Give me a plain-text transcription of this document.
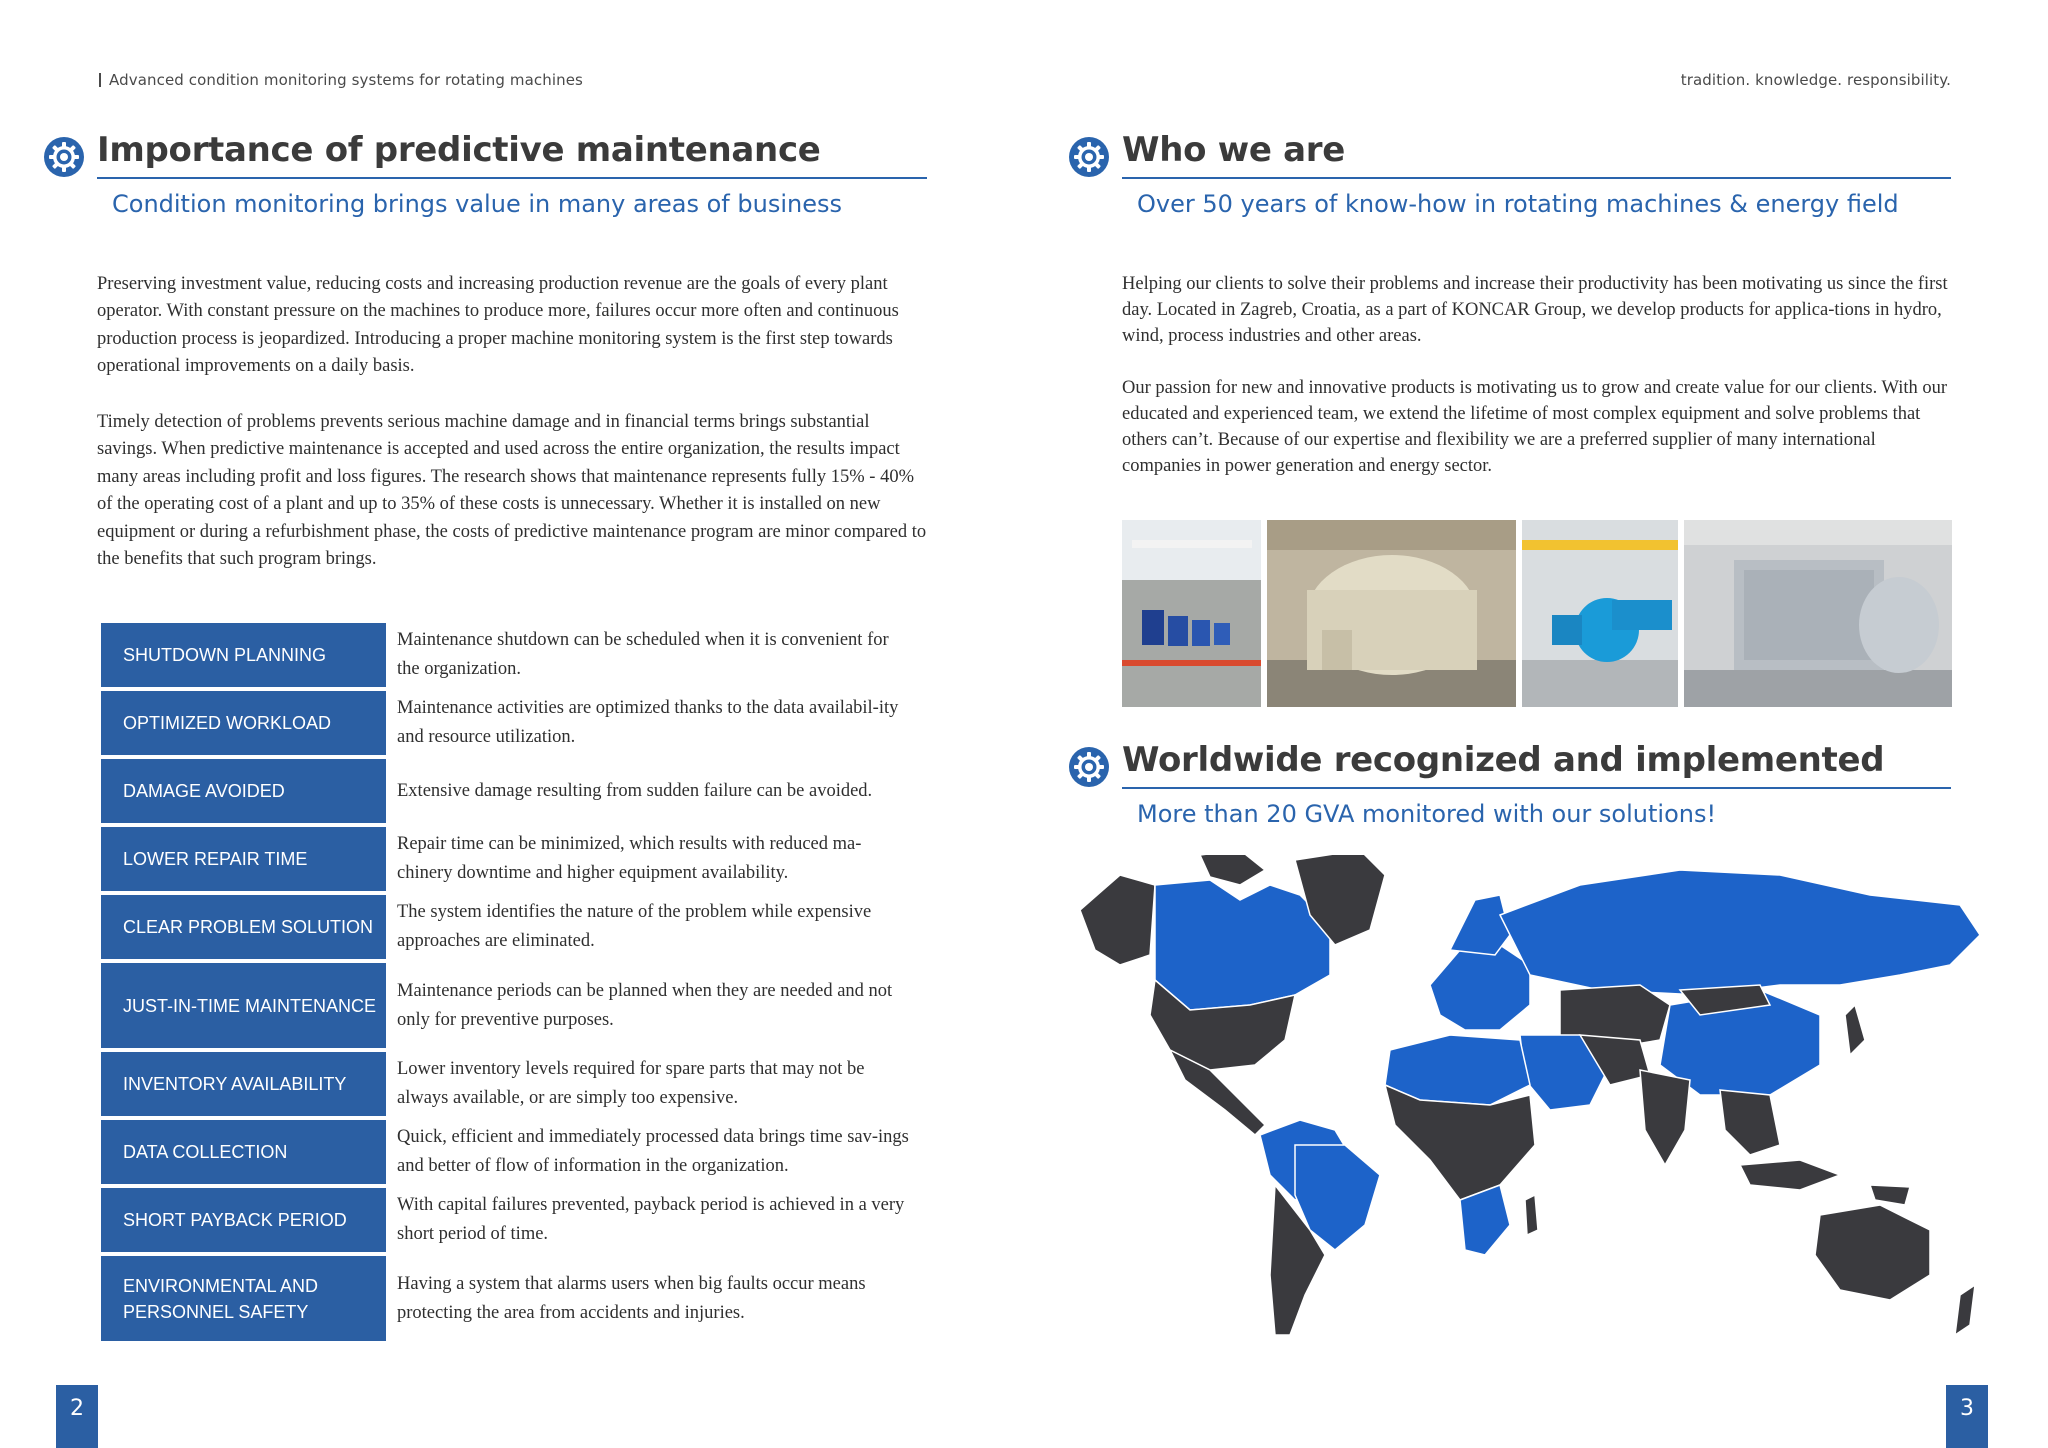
Advanced condition monitoring systems for rotating machines	tradition. knowledge. responsibility.
Importance of predictive maintenance
Condition monitoring brings value in many areas of business

Preserving investment value, reducing costs and increasing production revenue are the goals of every plant operator. With constant pressure on the machines to produce more, failures occur more often and continuous production process is jeopardized. Introducing a proper machine monitoring system is the first step towards operational improvements on a daily basis.

Timely detection of problems prevents serious machine damage and in financial terms brings substantial savings. When predictive maintenance is accepted and used across the entire organization, the results impact many areas including profit and loss figures. The research shows that maintenance represents fully 15% - 40% of the operating cost of a plant and up to 35% of these costs is unnecessary. Whether it is installed on new equipment or during a refurbishment phase, the costs of predictive maintenance program are minor compared to the benefits that such program brings.

SHUTDOWN PLANNING
Maintenance shutdown can be scheduled when it is convenient for the organization.
OPTIMIZED WORKLOAD
Maintenance activities are optimized thanks to the data availabil-ity and resource utilization.
DAMAGE AVOIDED	Extensive damage resulting from sudden failure can be avoided.
LOWER REPAIR TIME
Repair time can be minimized, which results with reduced ma-chinery downtime and higher equipment availability.
CLEAR PROBLEM SOLUTION
The system identifies the nature of the problem while expensive approaches are eliminated.
JUST-IN-TIME MAINTENANCE
Maintenance periods can be planned when they are needed and not only for preventive purposes.
INVENTORY AVAILABILITY
Lower inventory levels required for spare parts that may not be always available, or are simply too expensive.
DATA COLLECTION
Quick, efficient and immediately processed data brings time sav-ings and better of flow of information in the organization.
SHORT PAYBACK PERIOD
With capital failures prevented, payback period is achieved in a very short period of time.
ENVIRONMENTAL AND PERSONNEL SAFETY
Having a system that alarms users when big faults occur means protecting the area from accidents and injuries.
2
Who we are
Over 50 years of know-how in rotating machines & energy field

Helping our clients to solve their problems and increase their productivity has been motivating us since the first day. Located in Zagreb, Croatia, as a part of KONCAR Group, we develop products for applica-tions in hydro, wind, process industries and other areas.

Our passion for new and innovative products is motivating us to grow and create value for our clients. With our educated and experienced team, we extend the lifetime of most complex equipment and solve problems that others can’t. Because of our expertise and flexibility we are a preferred supplier of many international companies in power generation and energy sector.

Worldwide recognized and implemented
More than 20 GVA monitored with our solutions!
3
